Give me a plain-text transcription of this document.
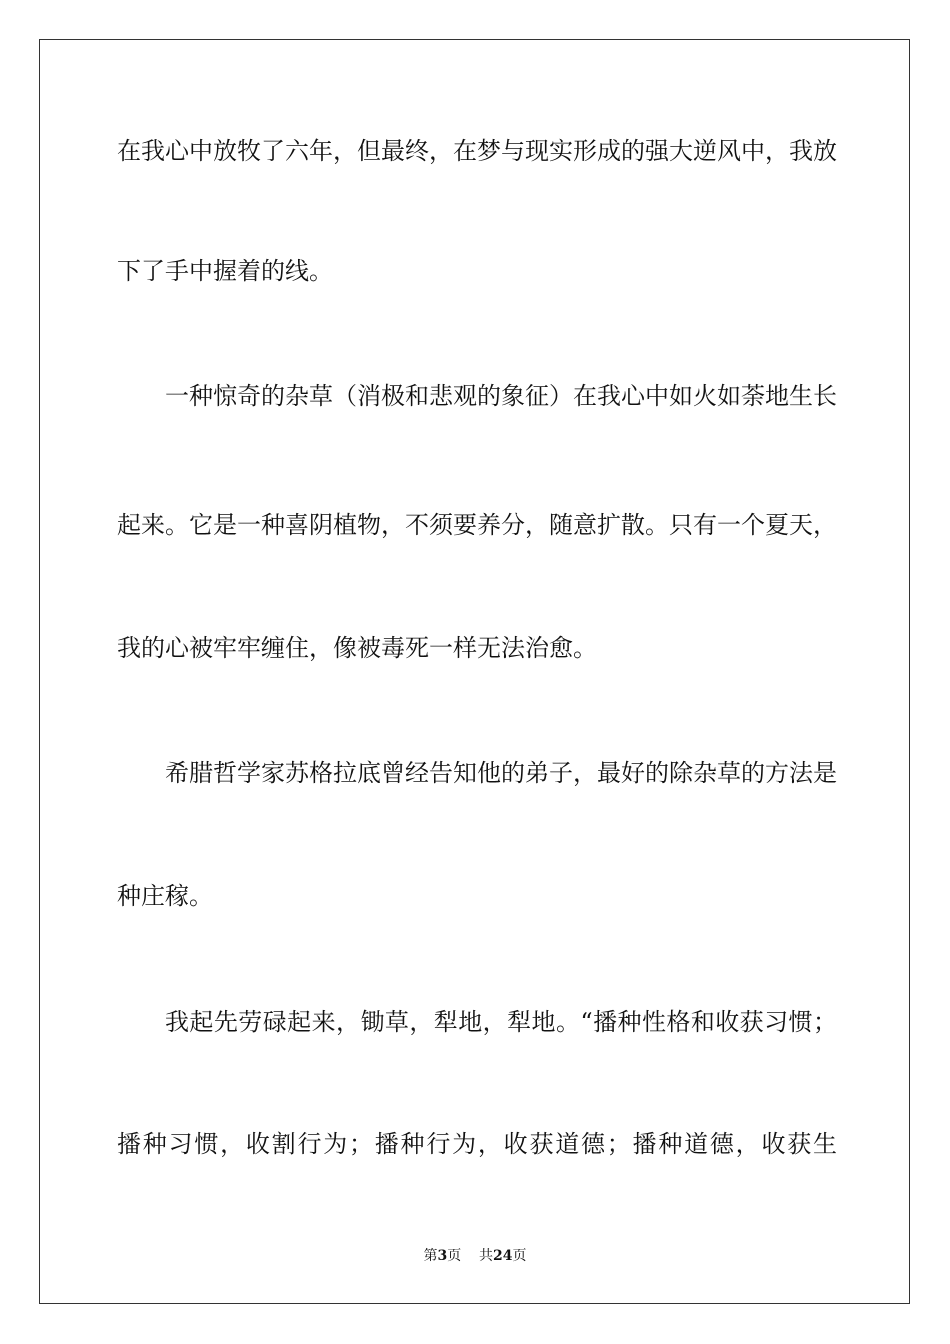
在我心中放牧了六年，但最终，在梦与现实形成的强大逆风中，我放
下了手中握着的线。
一种惊奇的杂草（消极和悲观的象征）在我心中如火如荼地生长
起来。它是一种喜阴植物，不须要养分，随意扩散。只有一个夏天，
我的心被牢牢缠住，像被毒死一样无法治愈。
希腊哲学家苏格拉底曾经告知他的弟子，最好的除杂草的方法是
种庄稼。
我起先劳碌起来，锄草，犁地，犁地。“播种性格和收获习惯；
播种习惯，收割行为；播种行为，收获道德；播种道德，收获生
第3页 共24页
